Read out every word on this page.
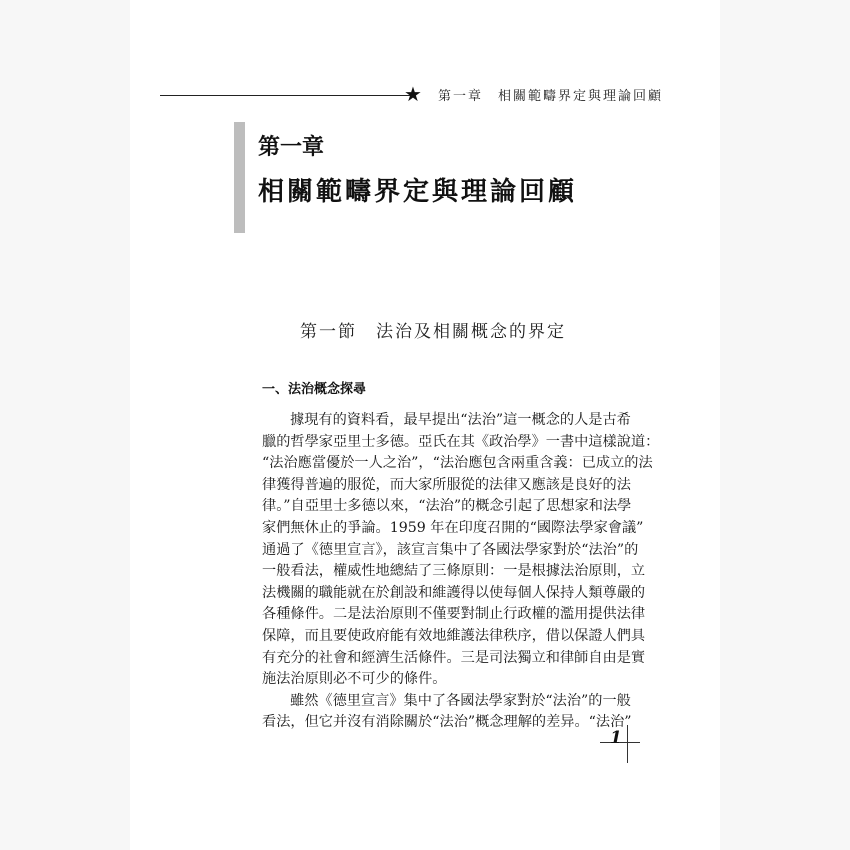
★ 第一章　相關範疇界定與理論回顧
第一章
相關範疇界定與理論回顧
第一節　法治及相關概念的界定
一、法治概念探尋
據現有的資料看，最早提出“法治”這一概念的人是古希
臘的哲學家亞里士多德。亞氏在其《政治學》一書中這樣說道：
“法治應當優於一人之治”，“法治應包含兩重含義：已成立的法
律獲得普遍的服從，而大家所服從的法律又應該是良好的法
律。”自亞里士多德以來，“法治”的概念引起了思想家和法學
家們無休止的爭論。1959 年在印度召開的“國際法學家會議”
通過了《德里宣言》，該宣言集中了各國法學家對於“法治”的
一般看法，權威性地總結了三條原則：一是根據法治原則，立
法機關的職能就在於創設和維護得以使每個人保持人類尊嚴的
各種條件。二是法治原則不僅要對制止行政權的濫用提供法律
保障，而且要使政府能有效地維護法律秩序，借以保證人們具
有充分的社會和經濟生活條件。三是司法獨立和律師自由是實
施法治原則必不可少的條件。
雖然《德里宣言》集中了各國法學家對於“法治”的一般
看法，但它并沒有消除關於“法治”概念理解的差异。“法治”
1
